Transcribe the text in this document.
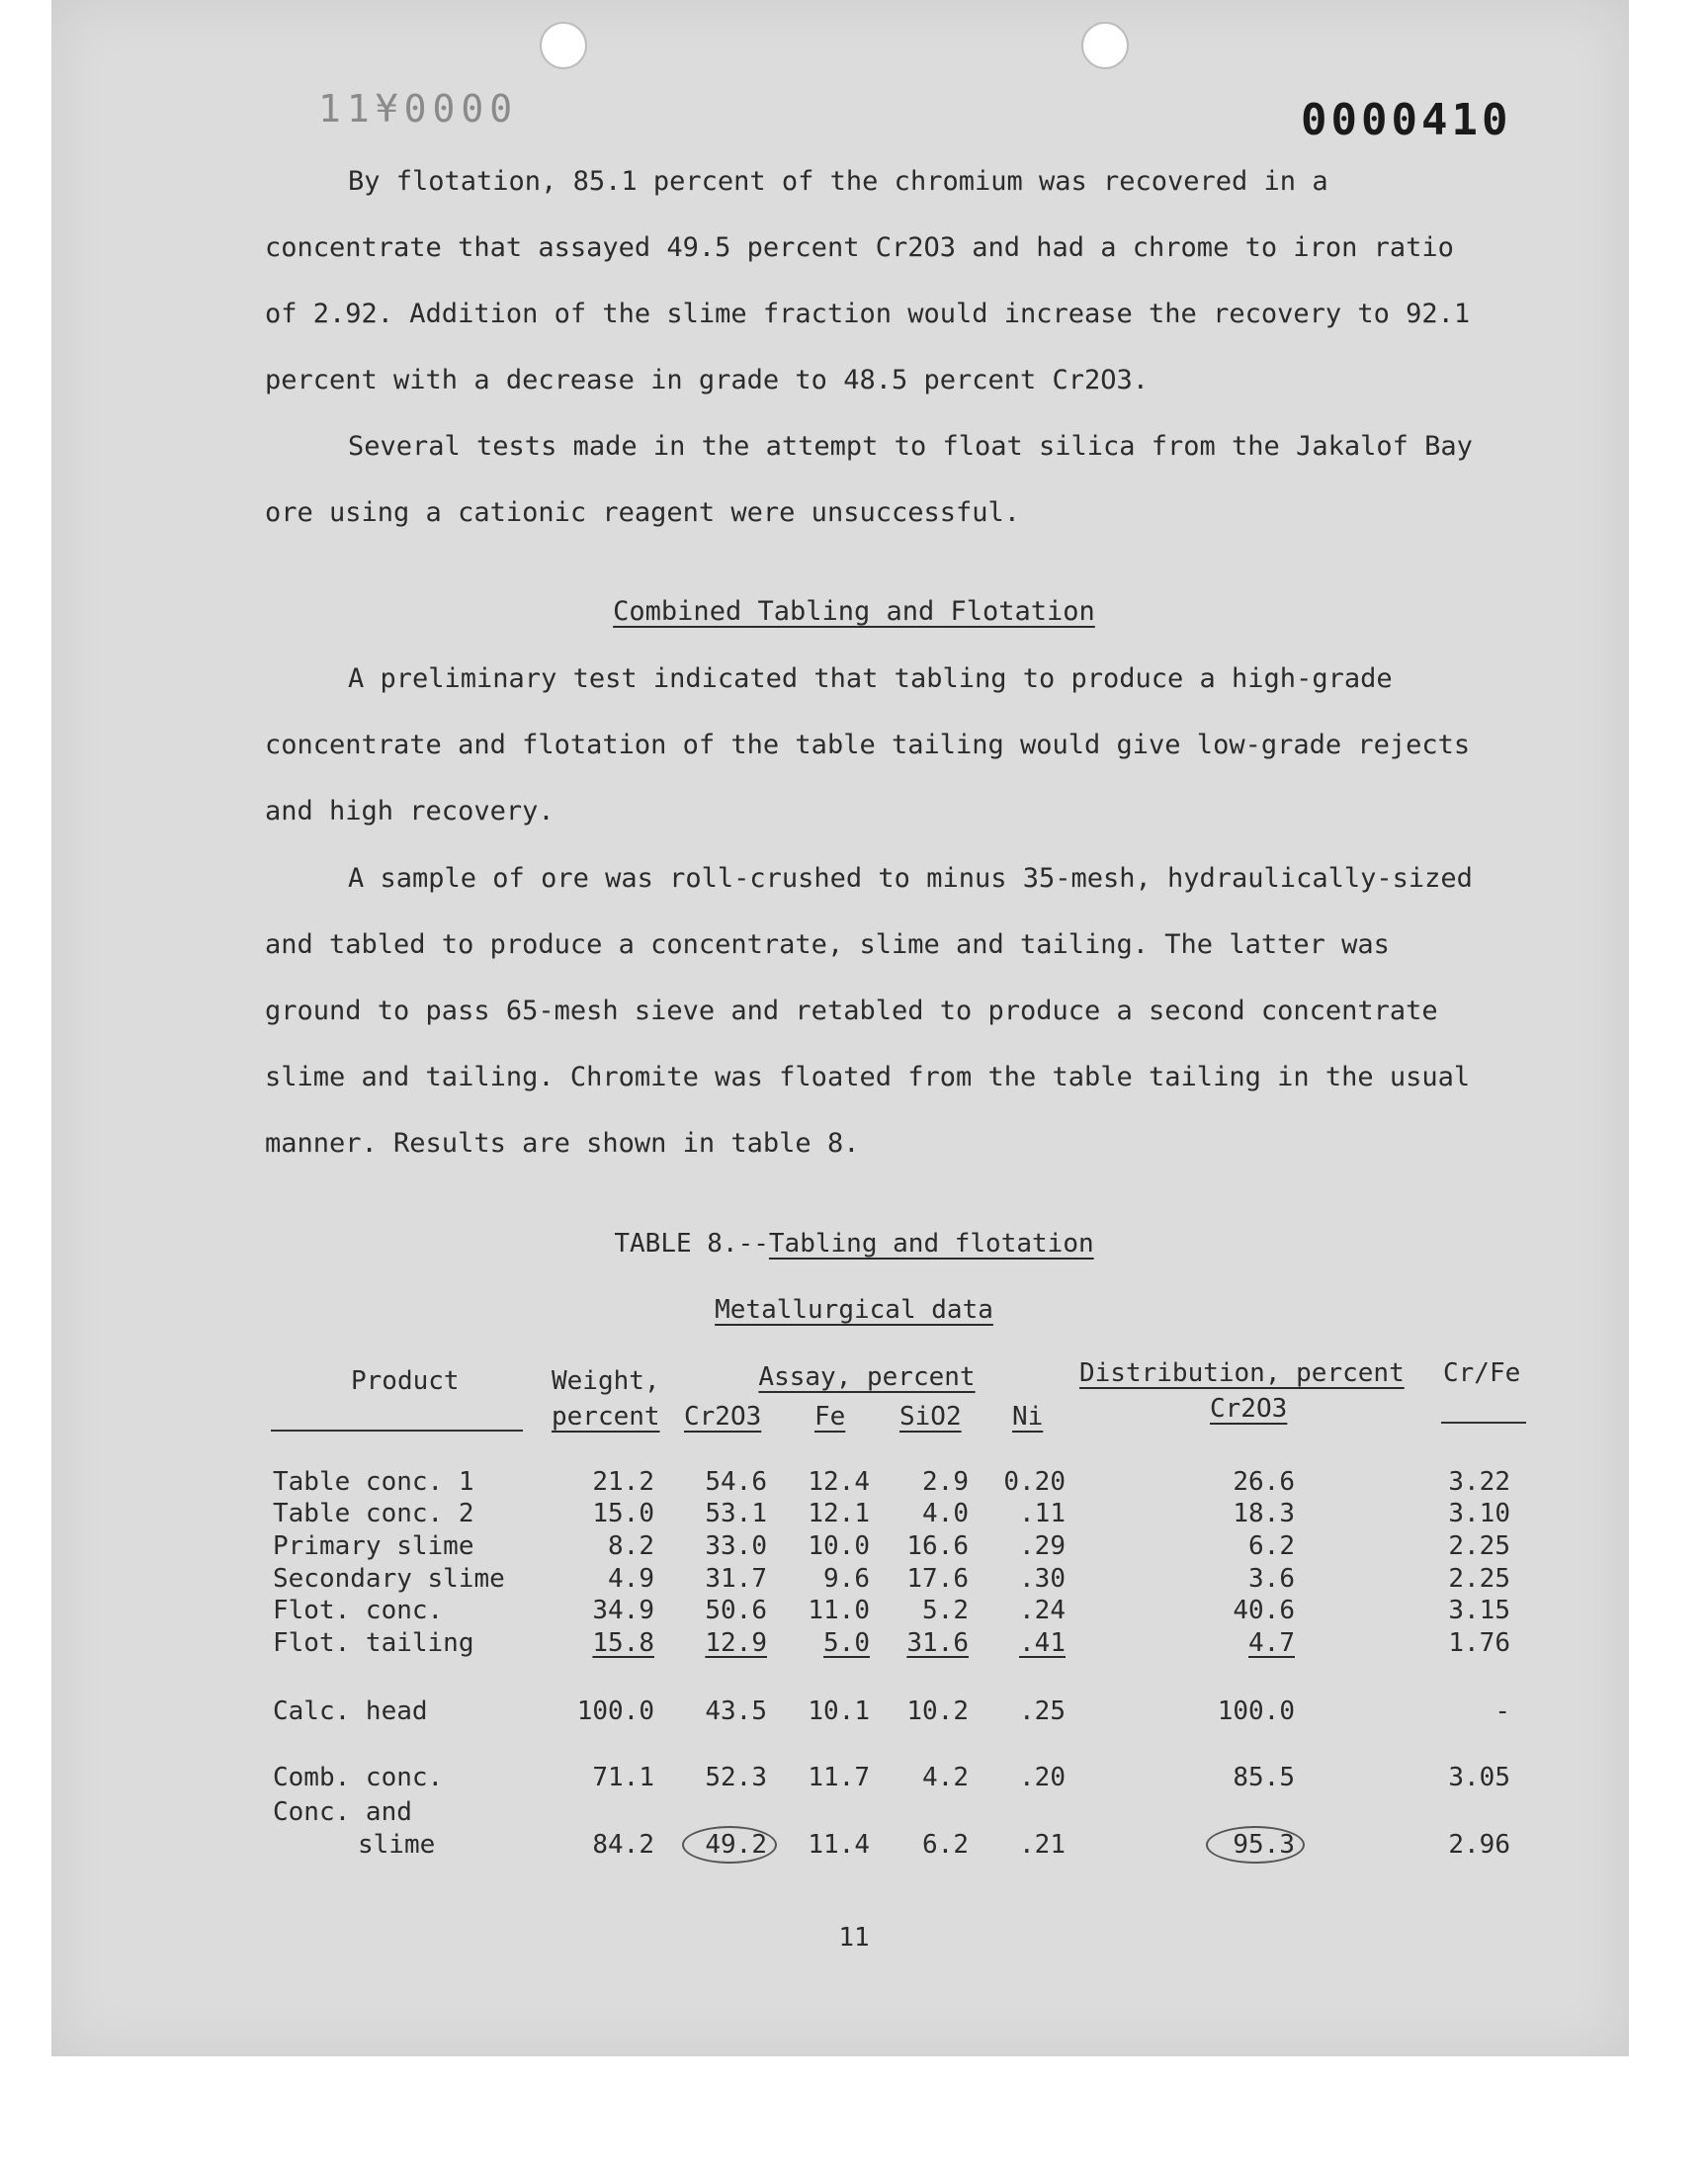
11¥0000	0000410

By flotation, 85.1 percent of the chromium was recovered in a concentrate that assayed 49.5 percent Cr2O3 and had a chrome to iron ratio of 2.92. Addition of the slime fraction would increase the recovery to 92.1 percent with a decrease in grade to 48.5 percent Cr2O3.

Several tests made in the attempt to float silica from the Jakalof Bay ore using a cationic reagent were unsuccessful.

Combined Tabling and Flotation

A preliminary test indicated that tabling to produce a high-grade concentrate and flotation of the table tailing would give low-grade rejects and high recovery.

A sample of ore was roll-crushed to minus 35-mesh, hydraulically-sized and tabled to produce a concentrate, slime and tailing. The latter was ground to pass 65-mesh sieve and retabled to produce a second concentrate slime and tailing. Chromite was floated from the table tailing in the usual manner. Results are shown in table 8.

TABLE 8.--Tabling and flotation
Metallurgical data
Product	Weight,
percent
Assay, percent
Cr2O3 Fe SiO2 Ni
Distribution, percent
Cr2O3
Cr/Fe
Table conc. 1	21.2	54.6	12.4	2.9	0.20	26.6	3.22
Table conc. 2	15.0	53.1	12.1	4.0	.11	18.3	3.10
Primary slime	8.2	33.0	10.0	16.6	.29	6.2	2.25
Secondary slime	4.9	31.7	9.6	17.6	.30	3.6	2.25
Flot. conc.	34.9	50.6	11.0	5.2	.24	40.6	3.15
Flot. tailing	15.8	12.9	5.0	31.6	.41	4.7	1.76
Calc. head	100.0	43.5	10.1	10.2	.25	100.0	-
Comb. conc.	71.1	52.3	11.7	4.2	.20	85.5	3.05
Conc. and
slime	84.2	49.2	11.4	6.2	.21	95.3	2.96
11
